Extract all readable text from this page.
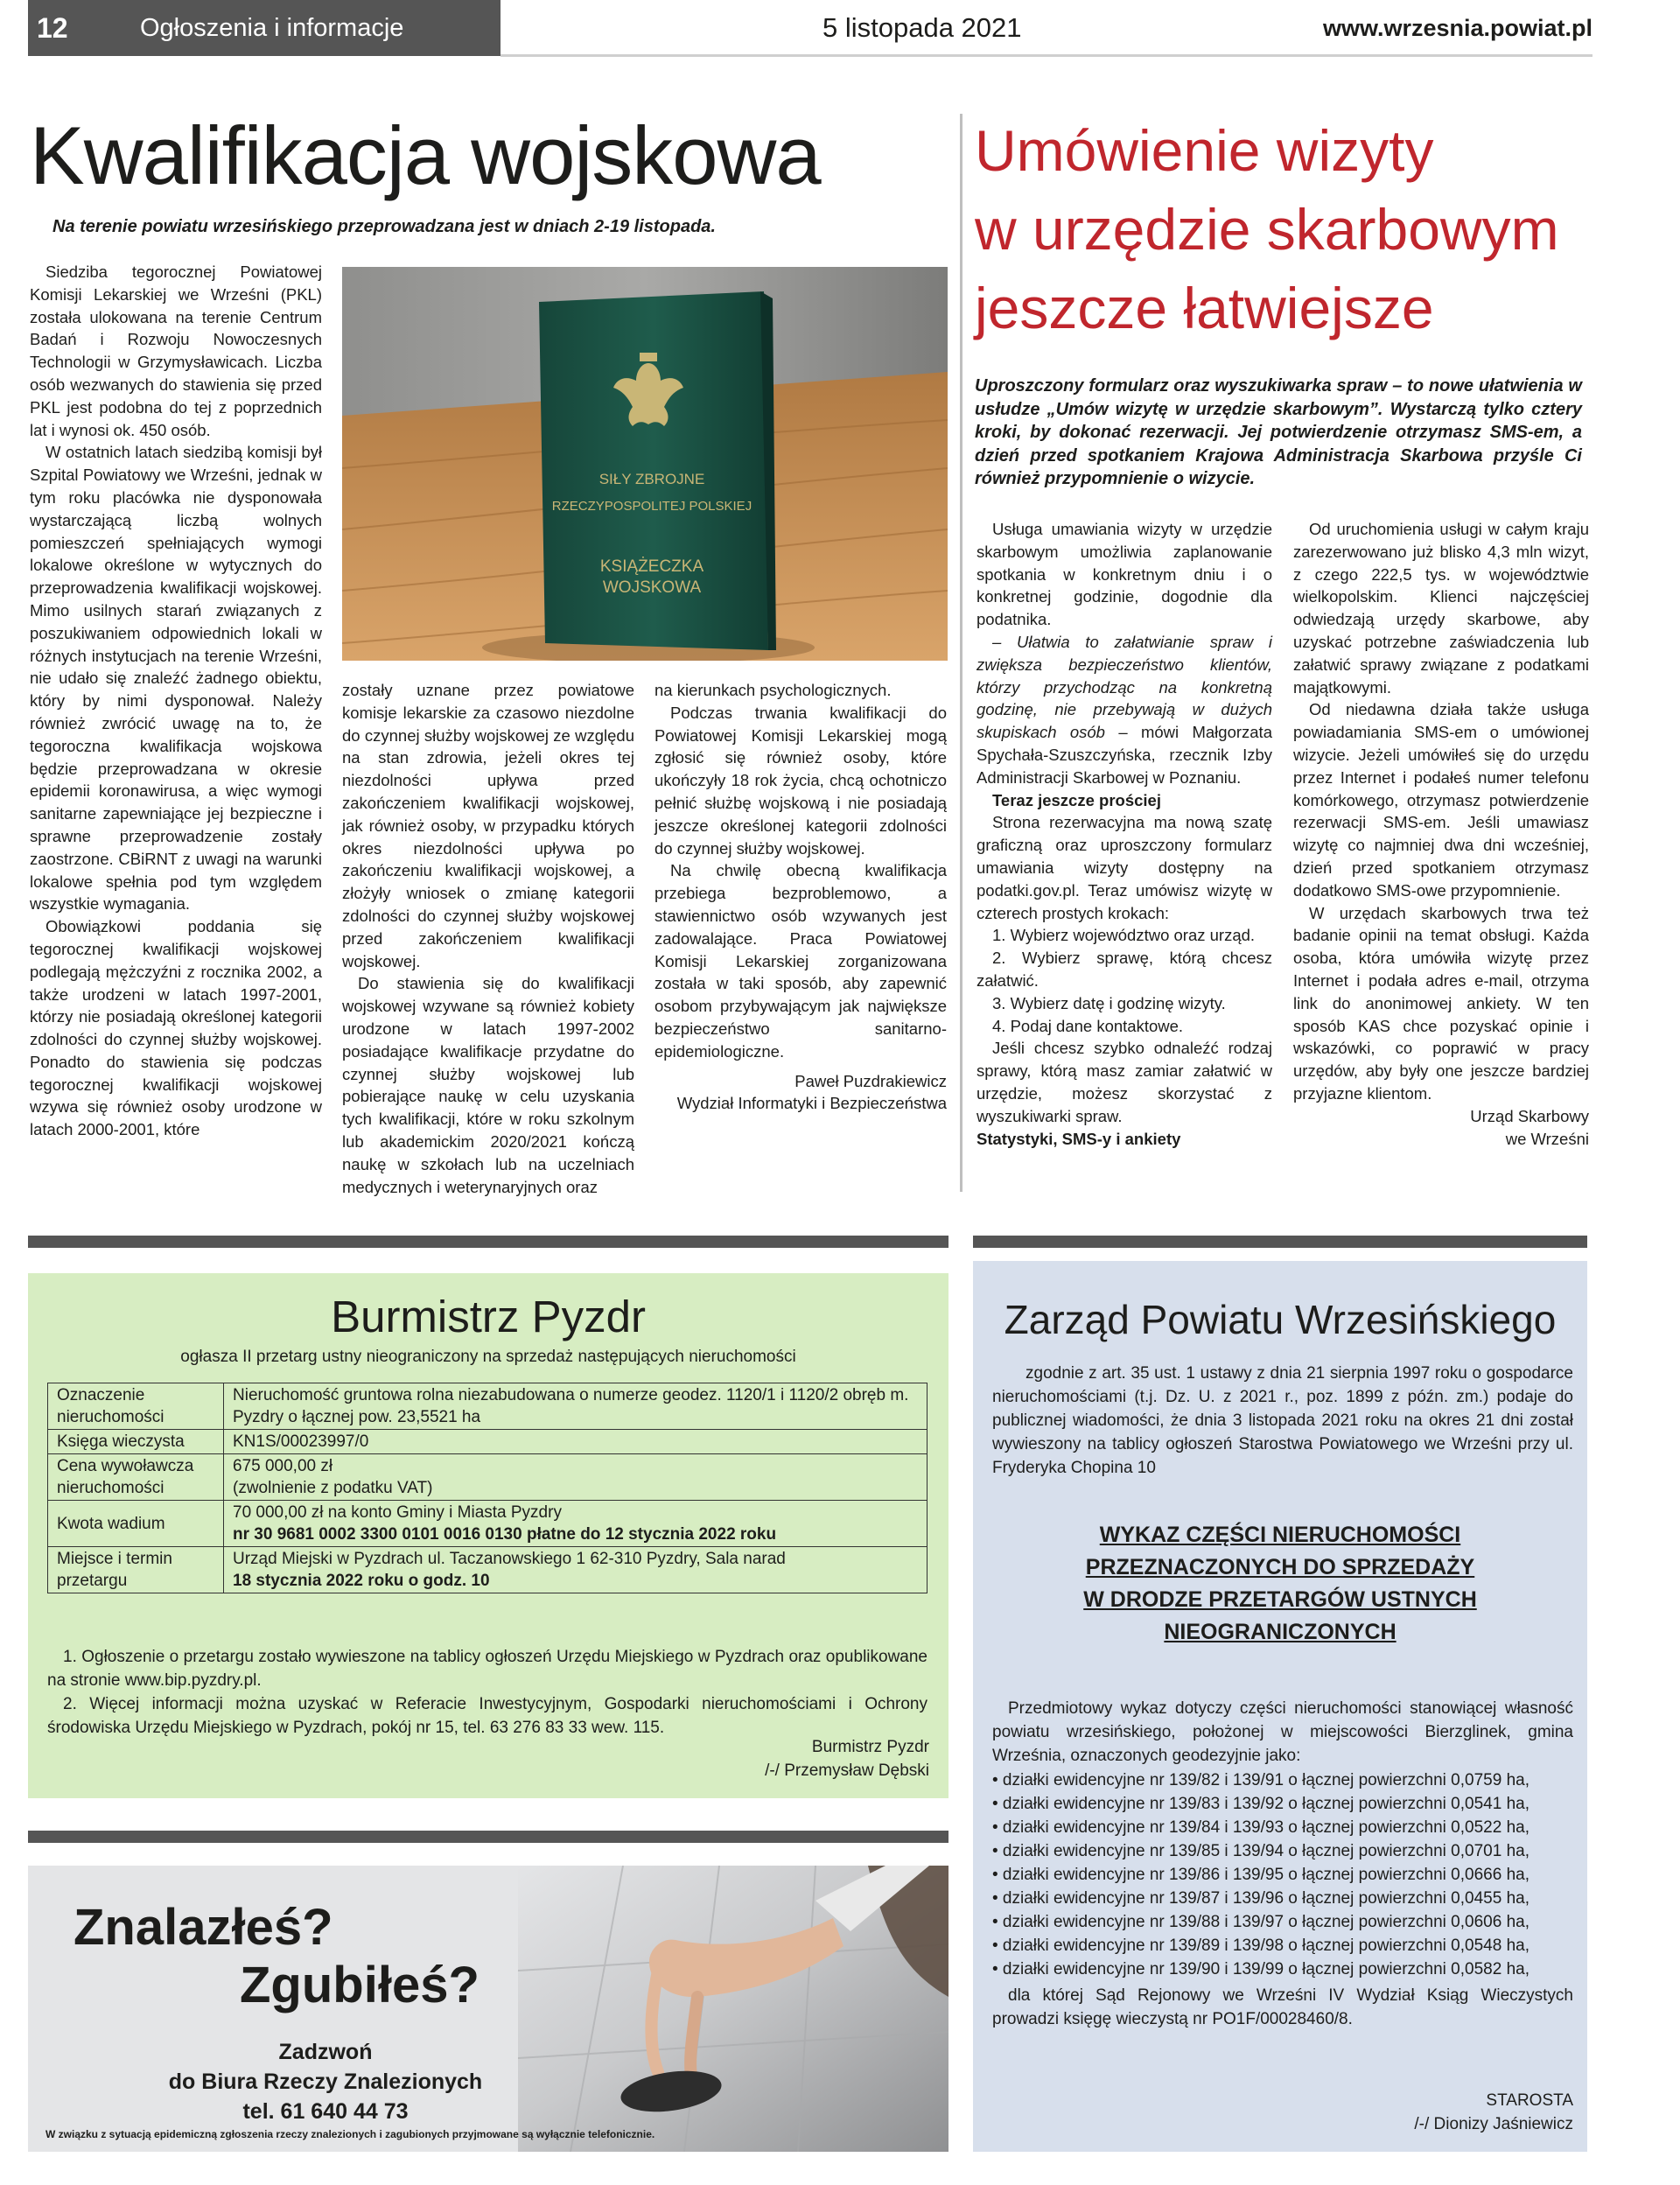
12	Ogłoszenia i informacje	5 listopada 2021	www.wrzesnia.powiat.pl
Kwalifikacja wojskowa
Na terenie powiatu wrzesińskiego przeprowadzana jest w dniach 2-19 listopada.
SIŁY ZBROJNE
RZECZYPOSPOLITEJ POLSKIEJ
KSIĄŻECZKA
WOJSKOWA

Siedziba tegorocznej Powiatowej Komisji Lekarskiej we Wrześni (PKL) została ulokowana na terenie Centrum Badań i Rozwoju Nowoczesnych Technologii w Grzymysławicach. Liczba osób wezwanych do stawienia się przed PKL jest podobna do tej z poprzednich lat i wynosi ok. 450 osób.

W ostatnich latach siedzibą komisji był Szpital Powiatowy we Wrześni, jednak w tym roku placówka nie dysponowała wystarczającą liczbą wolnych pomieszczeń spełniających wymogi lokalowe określone w wytycznych do przeprowadzenia kwalifikacji wojskowej. Mimo usilnych starań związanych z poszukiwaniem odpowiednich lokali w różnych instytucjach na terenie Wrześni, nie udało się znaleźć żadnego obiektu, który by nimi dysponował. Należy również zwrócić uwagę na to, że tegoroczna kwalifikacja wojskowa będzie przeprowadzana w okresie epidemii koronawirusa, a więc wymogi sanitarne zapewniające jej bezpieczne i sprawne przeprowadzenie zostały zaostrzone. CBiRNT z uwagi na warunki lokalowe spełnia pod tym względem wszystkie wymagania.

Obowiązkowi poddania się tegorocznej kwalifikacji wojskowej podlegają mężczyźni z rocznika 2002, a także urodzeni w latach 1997-2001, którzy nie posiadają określonej kategorii zdolności do czynnej służby wojskowej. Ponadto do stawienia się podczas tegorocznej kwalifikacji wojskowej wzywa się również osoby urodzone w latach 2000-2001, które

zostały uznane przez powiatowe komisje lekarskie za czasowo niezdolne do czynnej służby wojskowej ze względu na stan zdrowia, jeżeli okres tej niezdolności upływa przed zakończeniem kwalifikacji wojskowej, jak również osoby, w przypadku których okres niezdolności upływa po zakończeniu kwalifikacji wojskowej, a złożyły wniosek o zmianę kategorii zdolności do czynnej służby wojskowej przed zakończeniem kwalifikacji wojskowej.

Do stawienia się do kwalifikacji wojskowej wzywane są również kobiety urodzone w latach 1997-2002 posiadające kwalifikacje przydatne do czynnej służby wojskowej lub pobierające naukę w celu uzyskania tych kwalifikacji, które w roku szkolnym lub akademickim 2020/2021 kończą naukę w szkołach lub na uczelniach medycznych i weterynaryjnych oraz

na kierunkach psychologicznych.

Podczas trwania kwalifikacji do Powiatowej Komisji Lekarskiej mogą zgłosić się również osoby, które ukończyły 18 rok życia, chcą ochotniczo pełnić służbę wojskową i nie posiadają jeszcze określonej kategorii zdolności do czynnej służby wojskowej.

Na chwilę obecną kwalifikacja przebiega bezproblemowo, a stawiennictwo osób wzywanych jest zadowalające. Praca Powiatowej Komisji Lekarskiej zorganizowana została w taki sposób, aby zapewnić osobom przybywającym jak największe bezpieczeństwo sanitarno-epidemiologiczne.

Paweł Puzdrakiewicz

Wydział Informatyki i Bezpieczeństwa

Umówienie wizyty
w urzędzie skarbowym
jeszcze łatwiejsze
Uproszczony formularz oraz wyszukiwarka spraw – to nowe ułatwienia w usłudze „Umów wizytę w urzędzie skarbowym”. Wystarczą tylko cztery kroki, by dokonać rezerwacji. Jej potwierdzenie otrzymasz SMS-em, a dzień przed spotkaniem Krajowa Administracja Skarbowa przyśle Ci również przypomnienie o wizycie.

Usługa umawiania wizyty w urzędzie skarbowym umożliwia zaplanowanie spotkania w konkretnym dniu i o konkretnej godzinie, dogodnie dla podatnika.

– Ułatwia to załatwianie spraw i zwiększa bezpieczeństwo klientów, którzy przychodząc na konkretną godzinę, nie przebywają w dużych skupiskach osób – mówi Małgorzata Spychała-Szuszczyńska, rzecznik Izby Administracji Skarbowej w Poznaniu.

Teraz jeszcze prościej

Strona rezerwacyjna ma nową szatę graficzną oraz uproszczony formularz umawiania wizyty dostępny na podatki.gov.pl. Teraz umówisz wizytę w czterech prostych krokach:

1. Wybierz województwo oraz urząd.

2. Wybierz sprawę, którą chcesz załatwić.

3. Wybierz datę i godzinę wizyty.

4. Podaj dane kontaktowe.

Jeśli chcesz szybko odnaleźć rodzaj sprawy, którą masz zamiar załatwić w urzędzie, możesz skorzystać z wyszukiwarki spraw.

Statystyki, SMS-y i ankiety

Od uruchomienia usługi w całym kraju zarezerwowano już blisko 4,3 mln wizyt, z czego 222,5 tys. w województwie wielkopolskim. Klienci najczęściej odwiedzają urzędy skarbowe, aby uzyskać potrzebne zaświadczenia lub załatwić sprawy związane z podatkami majątkowymi.

Od niedawna działa także usługa powiadamiania SMS-em o umówionej wizycie. Jeżeli umówiłeś się do urzędu przez Internet i podałeś numer telefonu komórkowego, otrzymasz potwierdzenie rezerwacji SMS-em. Jeśli umawiasz wizytę co najmniej dwa dni wcześniej, dzień przed spotkaniem otrzymasz dodatkowo SMS-owe przypomnienie.

W urzędach skarbowych trwa też badanie opinii na temat obsługi. Każda osoba, która umówiła wizytę przez Internet i podała adres e-mail, otrzyma link do anonimowej ankiety. W ten sposób KAS chce pozyskać opinie i wskazówki, co poprawić w pracy urzędów, aby były one jeszcze bardziej przyjazne klientom.

Urząd Skarbowy

we Wrześni

Burmistrz Pyzdr
ogłasza II przetarg ustny nieograniczony na sprzedaż następujących nieruchomości
Oznaczenie nieruchomości	Nieruchomość gruntowa rolna niezabudowana o numerze geodez. 1120/1 i 1120/2 obręb m. Pyzdry o łącznej pow. 23,5521 ha
Księga wieczysta	KN1S/00023997/0
Cena wywoławcza nieruchomości	675 000,00 zł
(zwolnienie z podatku VAT)

Kwota wadium	70 000,00 zł na konto Gminy i Miasta Pyzdry
nr 30 9681 0002 3300 0101 0016 0130 płatne do 12 stycznia 2022 roku

Miejsce i termin przetargu	Urząd Miejski w Pyzdrach ul. Taczanowskiego 1 62-310 Pyzdry, Sala narad
18 stycznia 2022 roku o godz. 10
1. Ogłoszenie o przetargu zostało wywieszone na tablicy ogłoszeń Urzędu Miejskiego w Pyzdrach oraz opublikowane na stronie www.bip.pyzdry.pl.
2. Więcej informacji można uzyskać w Referacie Inwestycyjnym, Gospodarki nieruchomościami i Ochrony środowiska Urzędu Miejskiego w Pyzdrach, pokój nr 15, tel. 63 276 83 33 wew. 115.
Burmistrz Pyzdr
/-/ Przemysław Dębski
Znalazłeś?
Zgubiłeś?
Zadzwoń
do Biura Rzeczy Znalezionych
tel. 61 640 44 73
W związku z sytuacją epidemiczną zgłoszenia rzeczy znalezionych i zagubionych przyjmowane są wyłącznie telefonicznie.
Zarząd Powiatu Wrzesińskiego
zgodnie z art. 35 ust. 1 ustawy z dnia 21 sierpnia 1997 roku o gospodarce nieruchomościami (t.j. Dz. U. z 2021 r., poz. 1899 z późn. zm.) podaje do publicznej wiadomości, że dnia 3 listopada 2021 roku na okres 21 dni został wywieszony na tablicy ogłoszeń Starostwa Powiatowego we Wrześni przy ul. Fryderyka Chopina 10
WYKAZ CZĘŚCI NIERUCHOMOŚCI
PRZEZNACZONYCH DO SPRZEDAŻY
W DRODZE PRZETARGÓW USTNYCH
NIEOGRANICZONYCH
Przedmiotowy wykaz dotyczy części nieruchomości stanowiącej własność powiatu wrzesińskiego, położonej w miejscowości Bierzglinek, gmina Września, oznaczonych geodezyjnie jako:
• działki ewidencyjne nr 139/82 i 139/91 o łącznej powierzchni 0,0759 ha,
• działki ewidencyjne nr 139/83 i 139/92 o łącznej powierzchni 0,0541 ha,
• działki ewidencyjne nr 139/84 i 139/93 o łącznej powierzchni 0,0522 ha,
• działki ewidencyjne nr 139/85 i 139/94 o łącznej powierzchni 0,0701 ha,
• działki ewidencyjne nr 139/86 i 139/95 o łącznej powierzchni 0,0666 ha,
• działki ewidencyjne nr 139/87 i 139/96 o łącznej powierzchni 0,0455 ha,
• działki ewidencyjne nr 139/88 i 139/97 o łącznej powierzchni 0,0606 ha,
• działki ewidencyjne nr 139/89 i 139/98 o łącznej powierzchni 0,0548 ha,
• działki ewidencyjne nr 139/90 i 139/99 o łącznej powierzchni 0,0582 ha,
dla której Sąd Rejonowy we Wrześni IV Wydział Ksiąg Wieczystych prowadzi księgę wieczystą nr PO1F/00028460/8.
STAROSTA
/-/ Dionizy Jaśniewicz
